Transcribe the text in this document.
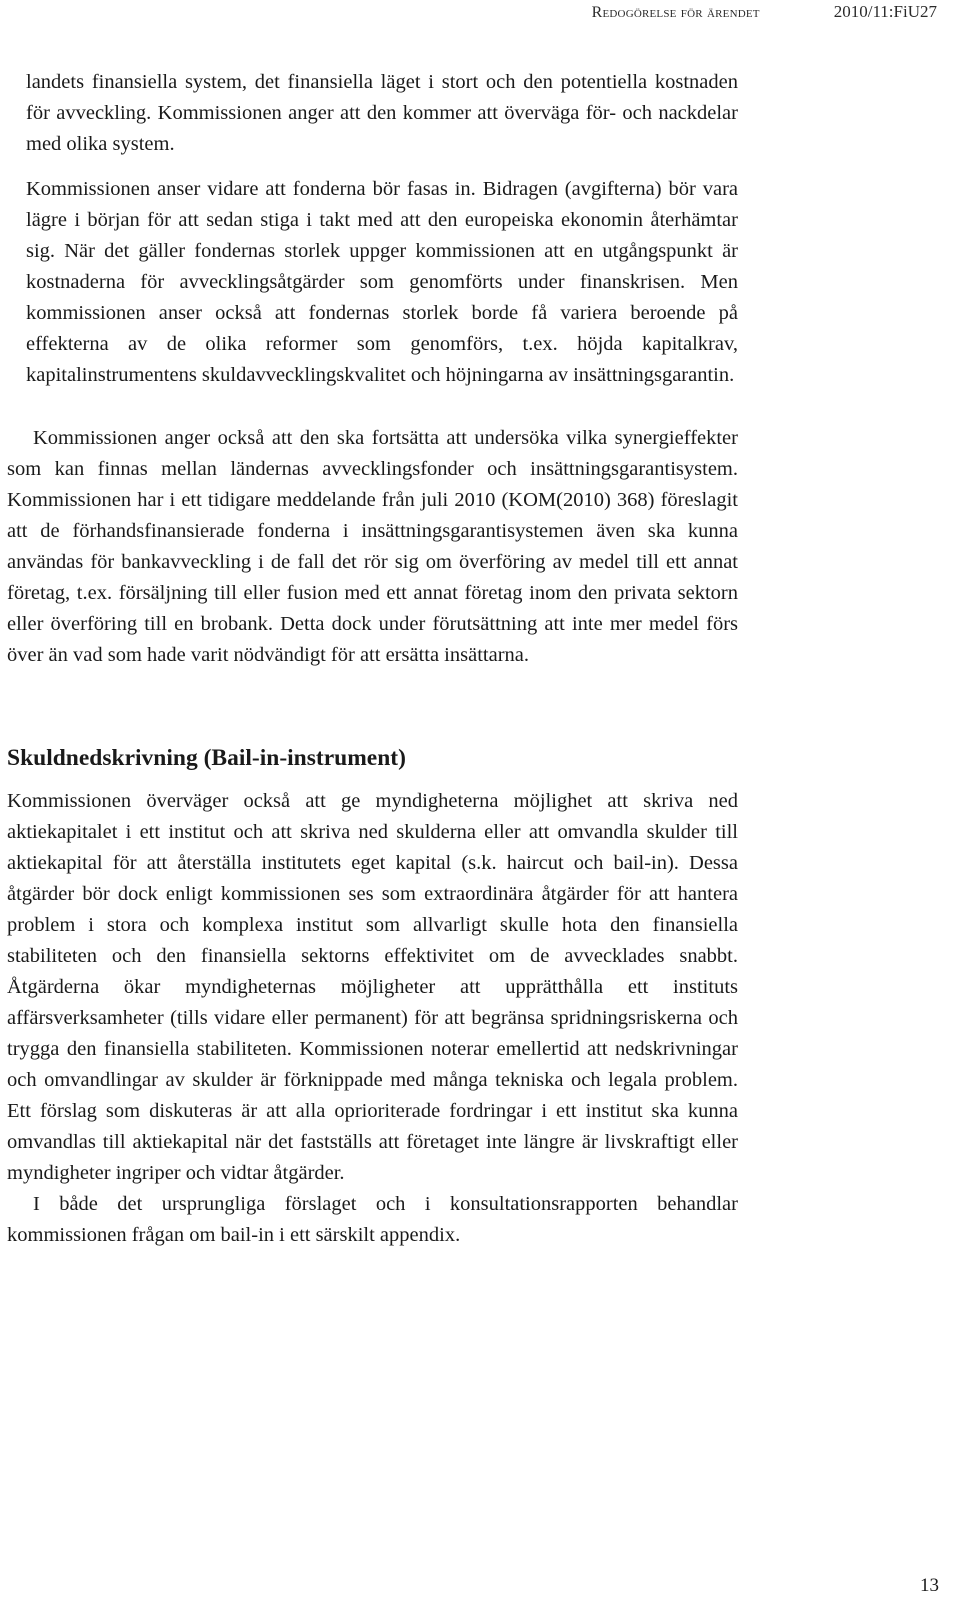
Redogörelse för ärendet	2010/11:FiU27

landets finansiella system, det finansiella läget i stort och den potentiella kostnaden för avveckling. Kommissionen anger att den kommer att överväga för- och nackdelar med olika system.

Kommissionen anser vidare att fonderna bör fasas in. Bidragen (avgifterna) bör vara lägre i början för att sedan stiga i takt med att den europeiska ekonomin återhämtar sig. När det gäller fondernas storlek uppger kommissionen att en utgångspunkt är kostnaderna för avvecklingsåtgärder som genomförts under finanskrisen. Men kommissionen anser också att fondernas storlek borde få variera beroende på effekterna av de olika reformer som genomförs, t.ex. höjda kapitalkrav, kapitalinstrumentens skuldavvecklingskvalitet och höjningarna av insättningsgarantin.

Kommissionen anger också att den ska fortsätta att undersöka vilka synergieffekter som kan finnas mellan ländernas avvecklingsfonder och insättningsgarantisystem. Kommissionen har i ett tidigare meddelande från juli 2010 (KOM(2010) 368) föreslagit att de förhandsfinansierade fonderna i insättningsgarantisystemen även ska kunna användas för bankavveckling i de fall det rör sig om överföring av medel till ett annat företag, t.ex. försäljning till eller fusion med ett annat företag inom den privata sektorn eller överföring till en brobank. Detta dock under förutsättning att inte mer medel förs över än vad som hade varit nödvändigt för att ersätta insättarna.

Skuldnedskrivning (Bail-in-instrument)

Kommissionen överväger också att ge myndigheterna möjlighet att skriva ned aktiekapitalet i ett institut och att skriva ned skulderna eller att omvandla skulder till aktiekapital för att återställa institutets eget kapital (s.k. haircut och bail-in). Dessa åtgärder bör dock enligt kommissionen ses som extraordinära åtgärder för att hantera problem i stora och komplexa institut som allvarligt skulle hota den finansiella stabiliteten och den finansiella sektorns effektivitet om de avvecklades snabbt. Åtgärderna ökar myndigheternas möjligheter att upprätthålla ett instituts affärsverksamheter (tills vidare eller permanent) för att begränsa spridningsriskerna och trygga den finansiella stabiliteten. Kommissionen noterar emellertid att nedskrivningar och omvandlingar av skulder är förknippade med många tekniska och legala problem. Ett förslag som diskuteras är att alla oprioriterade fordringar i ett institut ska kunna omvandlas till aktiekapital när det fastställs att företaget inte längre är livskraftigt eller myndigheter ingriper och vidtar åtgärder.

I både det ursprungliga förslaget och i konsultationsrapporten behandlar kommissionen frågan om bail-in i ett särskilt appendix.

13
